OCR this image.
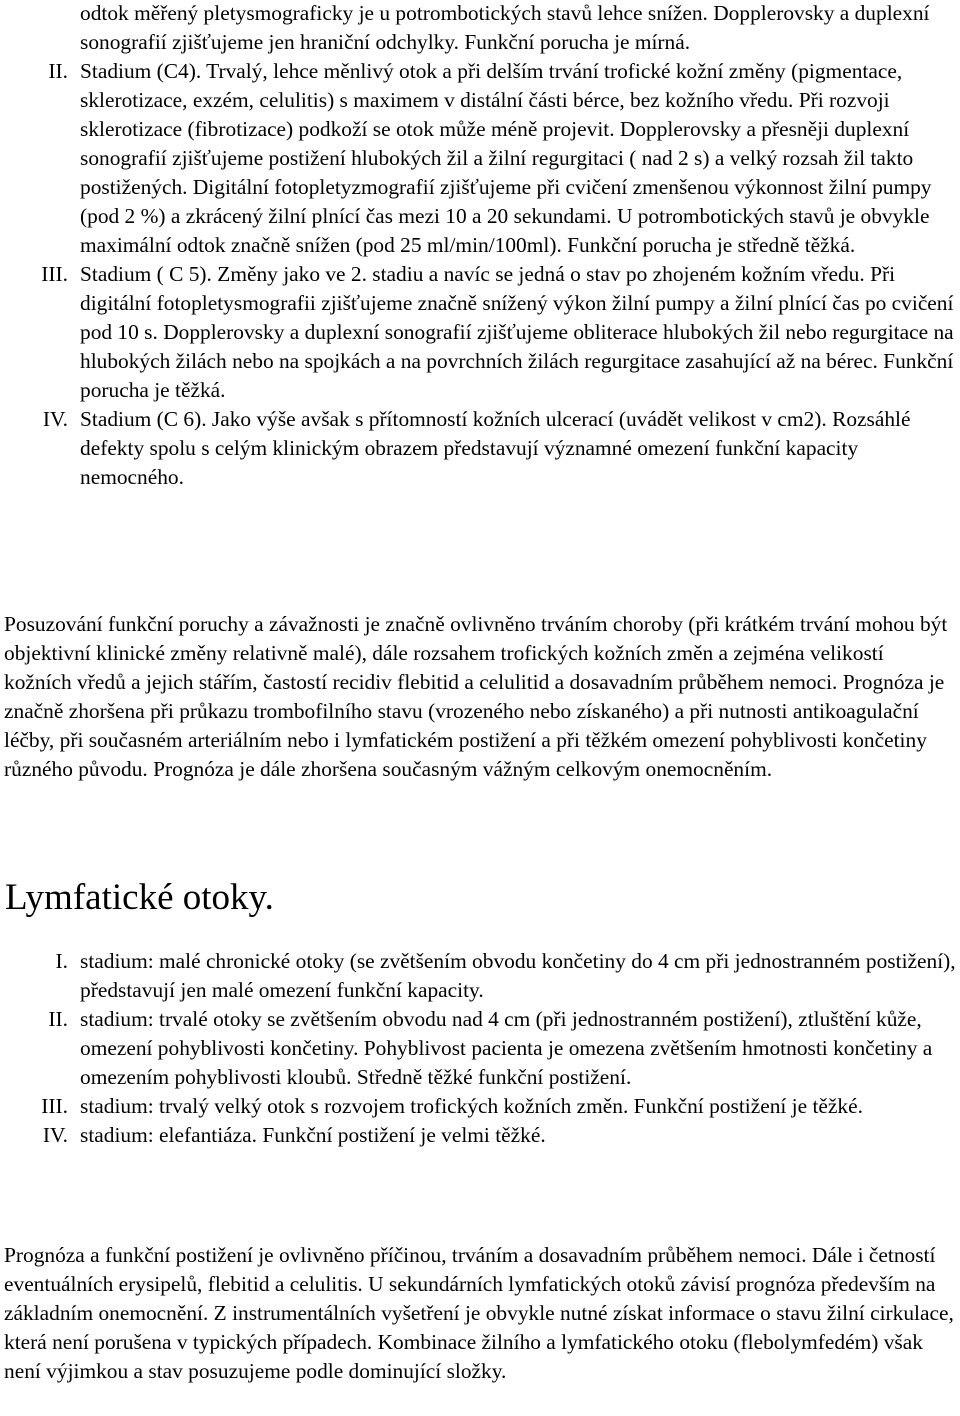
odtok měřený pletysmograficky je u potrombotických stavů lehce snížen. Dopplerovsky a duplexní sonografií zjišťujeme jen hraniční odchylky. Funkční porucha je mírná.
II. Stadium (C4). Trvalý, lehce měnlivý otok a při delším trvání trofické kožní změny (pigmentace, sklerotizace, exzém, celulitis) s maximem v distální části bérce, bez kožního vředu. Při rozvoji sklerotizace (fibrotizace) podkoží se otok může méně projevit. Dopplerovsky a přesněji duplexní sonografií zjišťujeme postižení hlubokých žil a žilní regurgitaci ( nad 2 s) a velký rozsah žil takto postižených. Digitální fotopletyzmografií zjišťujeme při cvičení zmenšenou výkonnost žilní pumpy (pod 2 %) a zkrácený žilní plnící čas mezi 10 a 20 sekundami. U potrombotických stavů je obvykle maximální odtok značně snížen (pod 25 ml/min/100ml). Funkční porucha je středně těžká.
III. Stadium ( C 5). Změny jako ve 2. stadiu a navíc se jedná o stav po zhojeném kožním vředu. Při digitální fotopletysmografii zjišťujeme značně snížený výkon žilní pumpy a žilní plnící čas po cvičení pod 10 s. Dopplerovsky a duplexní sonografií zjišťujeme obliterace hlubokých žil nebo regurgitace na hlubokých žilách nebo na spojkách a na povrchních žilách regurgitace zasahující až na bérec. Funkční porucha je těžká.
IV. Stadium (C 6). Jako výše avšak s přítomností kožních ulcerací (uvádět velikost v cm2). Rozsáhlé defekty spolu s celým klinickým obrazem představují významné omezení funkční kapacity nemocného.

Posuzování funkční poruchy a závažnosti je značně ovlivněno trváním choroby (při krátkém trvání mohou být objektivní klinické změny relativně malé), dále rozsahem trofických kožních změn a zejména velikostí kožních vředů a jejich stářím, častostí recidiv flebitid a celulitid a dosavadním průběhem nemoci. Prognóza je značně zhoršena při průkazu trombofilního stavu (vrozeného nebo získaného) a při nutnosti antikoagulační léčby, při současném arteriálním nebo i lymfatickém postižení a při těžkém omezení pohyblivosti končetiny různého původu. Prognóza je dále zhoršena současným vážným celkovým onemocněním.

Lymfatické otoky.
I. stadium: malé chronické otoky (se zvětšením obvodu končetiny do 4 cm při jednostranném postižení), představují jen malé omezení funkční kapacity.
II. stadium: trvalé otoky se zvětšením obvodu nad 4 cm (při jednostranném postižení), ztluštění kůže, omezení pohyblivosti končetiny. Pohyblivost pacienta je omezena zvětšením hmotnosti končetiny a omezením pohyblivosti kloubů. Středně těžké funkční postižení.
III. stadium: trvalý velký otok s rozvojem trofických kožních změn. Funkční postižení je těžké.
IV. stadium: elefantiáza. Funkční postižení je velmi těžké.

Prognóza a funkční postižení je ovlivněno příčinou, trváním a dosavadním průběhem nemoci. Dále i četností eventuálních erysipelů, flebitid a celulitis. U sekundárních lymfatických otoků závisí prognóza především na základním onemocnění. Z instrumentálních vyšetření je obvykle nutné získat informace o stavu žilní cirkulace, která není porušena v typických případech. Kombinace žilního a lymfatického otoku (flebolymfedém) však není výjimkou a stav posuzujeme podle dominující složky.
